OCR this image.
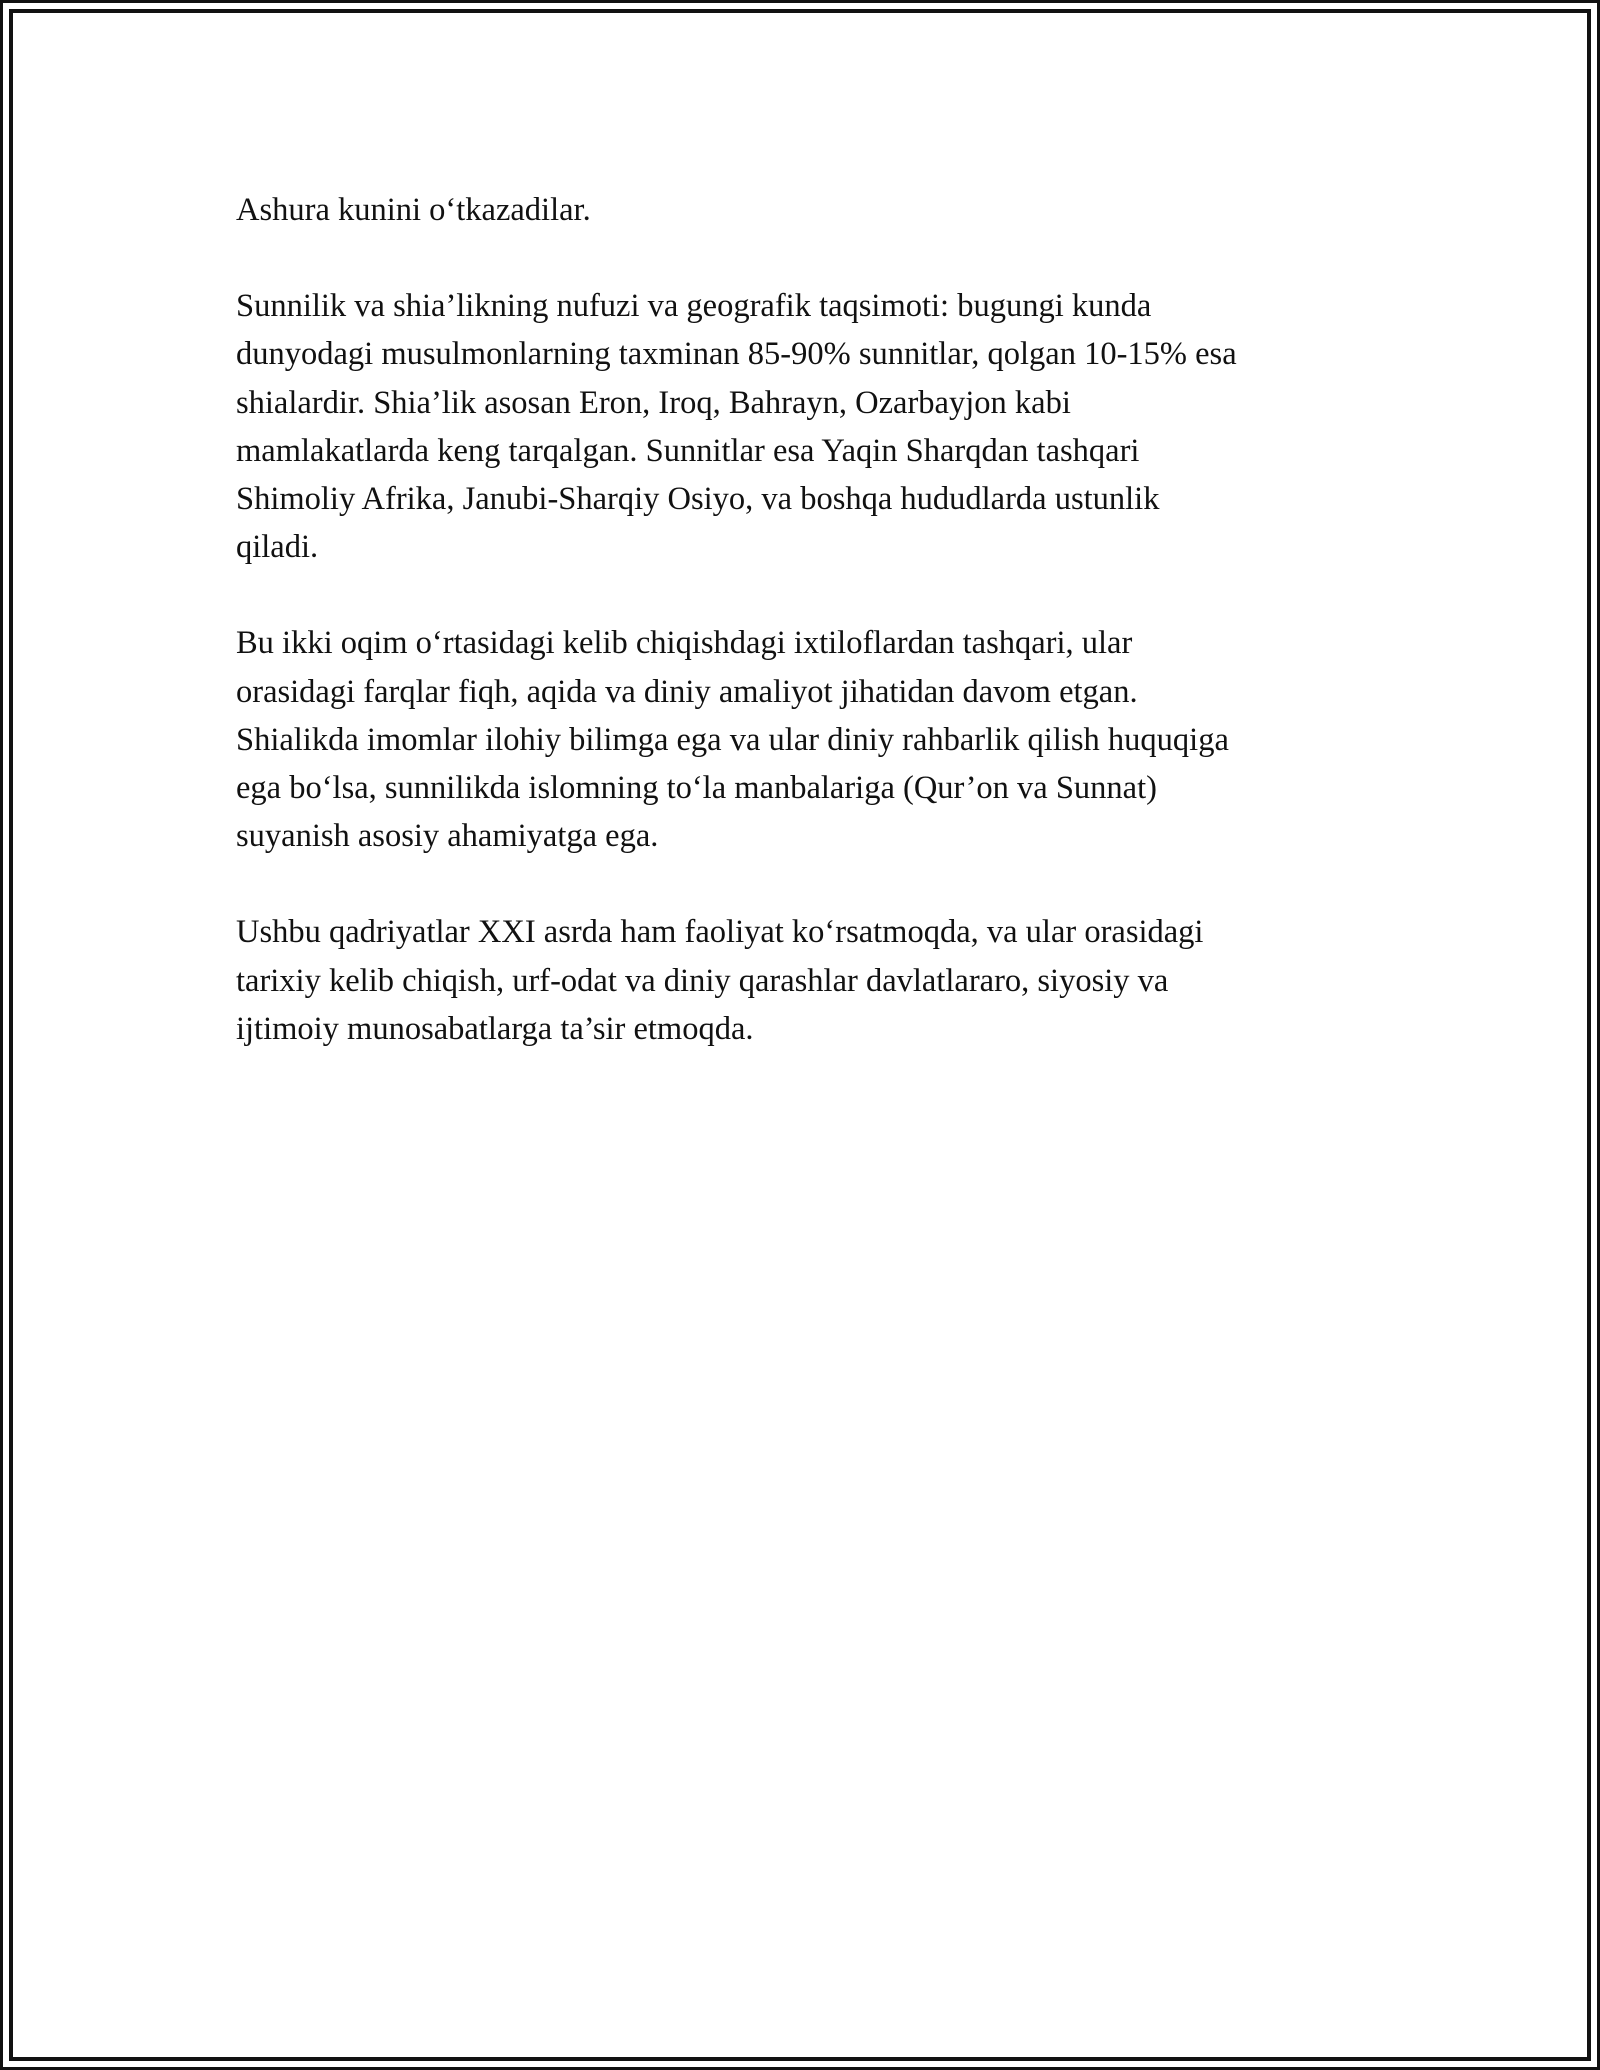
Ashura kunini o‘tkazadilar.

Sunnilik va shia’likning nufuzi va geografik taqsimoti: bugungi kunda
dunyodagi musulmonlarning taxminan 85-90% sunnitlar, qolgan 10-15% esa
shialardir. Shia’lik asosan Eron, Iroq, Bahrayn, Ozarbayjon kabi
mamlakatlarda keng tarqalgan. Sunnitlar esa Yaqin Sharqdan tashqari
Shimoliy Afrika, Janubi-Sharqiy Osiyo, va boshqa hududlarda ustunlik
qiladi.

Bu ikki oqim o‘rtasidagi kelib chiqishdagi ixtiloflardan tashqari, ular
orasidagi farqlar fiqh, aqida va diniy amaliyot jihatidan davom etgan.
Shialikda imomlar ilohiy bilimga ega va ular diniy rahbarlik qilish huquqiga
ega bo‘lsa, sunnilikda islomning to‘la manbalariga (Qur’on va Sunnat)
suyanish asosiy ahamiyatga ega.

Ushbu qadriyatlar XXI asrda ham faoliyat ko‘rsatmoqda, va ular orasidagi
tarixiy kelib chiqish, urf-odat va diniy qarashlar davlatlararo, siyosiy va
ijtimoiy munosabatlarga ta’sir etmoqda.
